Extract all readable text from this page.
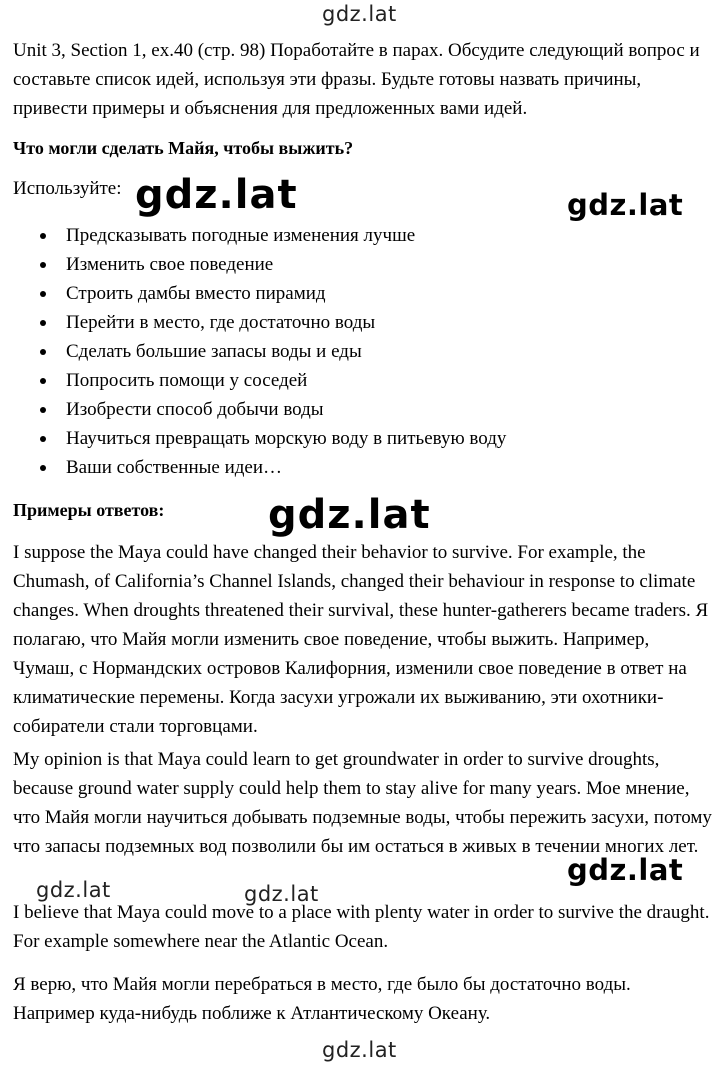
gdz.lat

Unit 3, Section 1, ex.40 (стр. 98) Поработайте в парах. Обсудите следующий вопрос и составьте список идей, используя эти фразы. Будьте готовы назвать причины, привести примеры и объяснения для предложенных вами идей.

Что могли сделать Майя, чтобы выжить?

Используйте: gdz.lat	gdz.lat
Предсказывать погодные изменения лучше
Изменить свое поведение
Строить дамбы вместо пирамид
Перейти в место, где достаточно воды
Сделать большие запасы воды и еды
Попросить помощи у соседей
Изобрести способ добычи воды
Научиться превращать морскую воду в питьевую воду
Ваши собственные идеи…

Примеры ответов:	gdz.lat

I suppose the Maya could have changed their behavior to survive. For example, the Chumash, of California’s Channel Islands, changed their behaviour in response to climate changes. When droughts threatened their survival, these hunter-gatherers became traders. Я полагаю, что Майя могли изменить свое поведение, чтобы выжить. Например, Чумаш, с Нормандских островов Калифорния, изменили свое поведение в ответ на климатические перемены. Когда засухи угрожали их выживанию, эти охотники-собиратели стали торговцами.

My opinion is that Maya could learn to get groundwater in order to survive droughts, because ground water supply could help them to stay alive for many years. Мое мнение, что Майя могли научиться добывать подземные воды, чтобы пережить засухи, потому что запасы подземных вод позволили бы им остаться в живых в течении многих лет.

gdz.lat
gdz.lat	gdz.lat

I believe that Maya could move to a place with plenty water in order to survive the draught. For example somewhere near the Atlantic Ocean.

Я верю, что Майя могли перебраться в место, где было бы достаточно воды. Например куда-нибудь поближе к Атлантическому Океану.

gdz.lat
